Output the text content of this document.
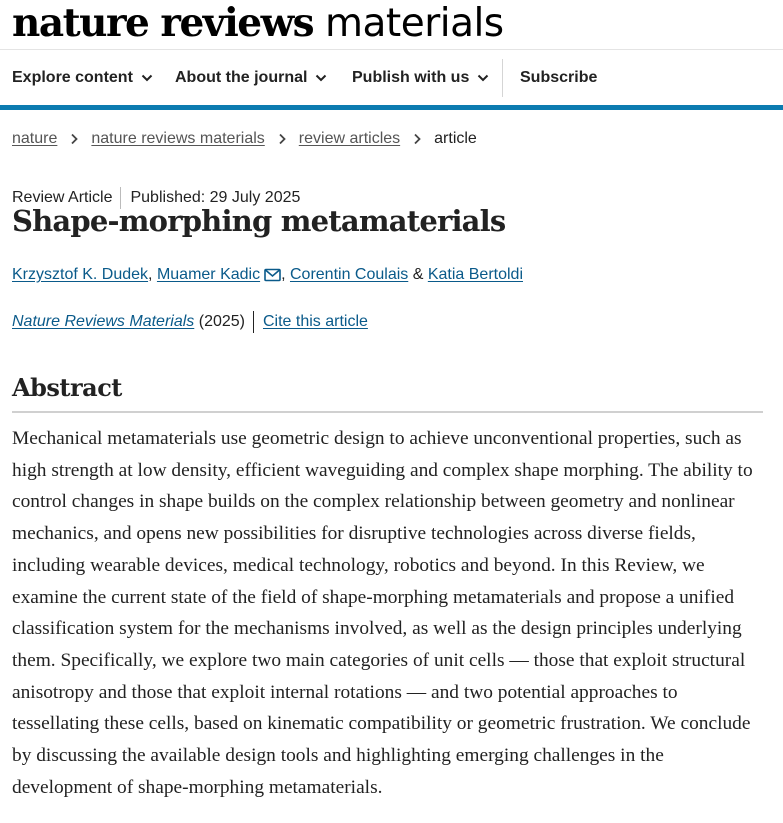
nature reviews materials
Explore content	About the journal	Publish with us	Subscribe
nature nature reviews materials review articles article
Review Article Published: 29 July 2025
Shape-morphing metamaterials
Krzysztof K. Dudek , Muamer Kadic , Corentin Coulais & Katia Bertoldi
Nature Reviews Materials
(2025) Cite this article
Abstract

Mechanical metamaterials use geometric design to achieve unconventional properties, such as high strength at low density, efficient waveguiding and complex shape morphing. The ability to control changes in shape builds on the complex relationship between geometry and nonlinear mechanics, and opens new possibilities for disruptive technologies across diverse fields, including wearable devices, medical technology, robotics and beyond. In this Review, we examine the current state of the field of shape-morphing metamaterials and propose a unified classification system for the mechanisms involved, as well as the design principles underlying them. Specifically, we explore two main categories of unit cells — those that exploit structural anisotropy and those that exploit internal rotations — and two potential approaches to tessellating these cells, based on kinematic compatibility or geometric frustration. We conclude by discussing the available design tools and highlighting emerging challenges in the development of shape-morphing metamaterials.
